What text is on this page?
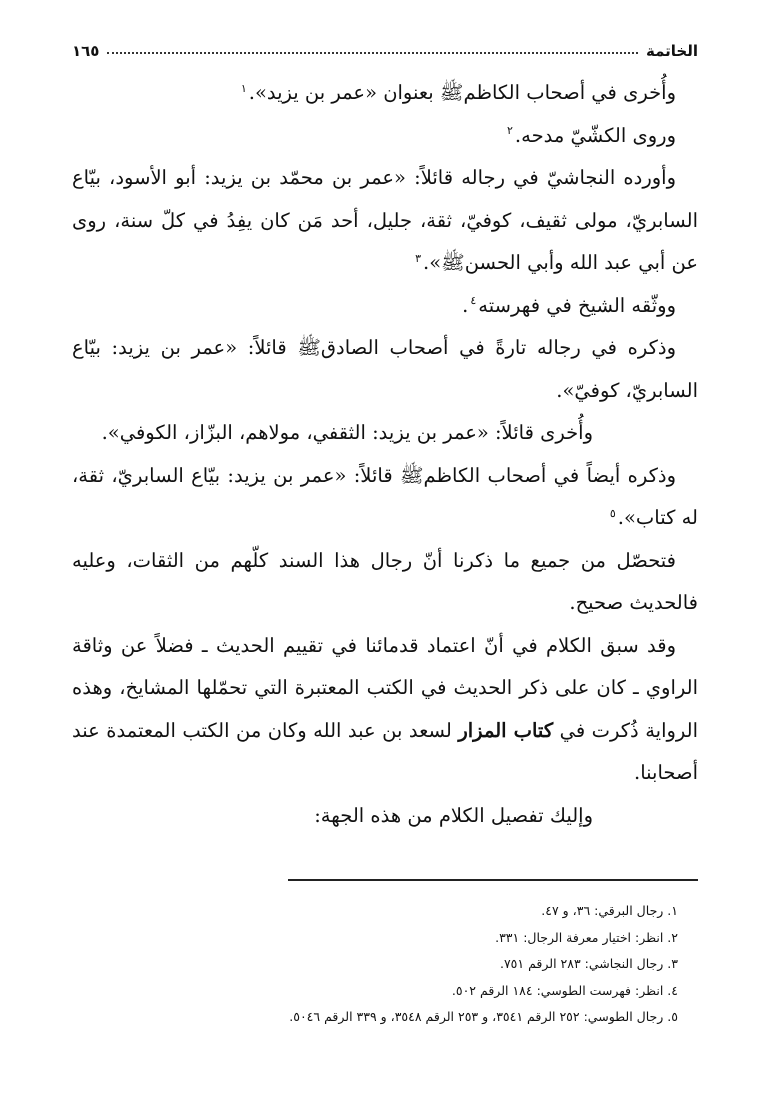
الخاتمة
١٦٥

وأُخرى في أصحاب الكاظمﷺ بعنوان «عمر بن يزيد».$^١$

وروى الكشّيّ مدحه.$^٢$

وأورده النجاشيّ في رجاله قائلاً: «عمر بن محمّد بن يزيد: أبو الأسود، بيّاع السابريّ، مولى ثقيف، كوفيّ، ثقة، جليل، أحد مَن كان يفِدُ في كلّ سنة، روى عن أبي عبد الله وأبي الحسنﷺ».$^٣$

ووثّقه الشيخ في فهرسته$^٤$.

وذكره في رجاله تارةً في أصحاب الصادقﷺ قائلاً: «عمر بن يزيد: بيّاع السابريّ، كوفيّ».

وأُخرى قائلاً: «عمر بن يزيد: الثقفي، مولاهم، البزّاز، الكوفي».

وذكره أيضاً في أصحاب الكاظمﷺ قائلاً: «عمر بن يزيد: بيّاع السابريّ، ثقة، له كتاب».$^٥$

فتحصّل من جميع ما ذكرنا أنّ رجال هذا السند كلّهم من الثقات، وعليه فالحديث صحيح.

وقد سبق الكلام في أنّ اعتماد قدمائنا في تقييم الحديث ـ فضلاً عن وثاقة الراوي ـ كان على ذكر الحديث في الكتب المعتبرة التي تحمّلها المشايخ، وهذه الرواية ذُكرت في كتاب المزار لسعد بن عبد الله وكان من الكتب المعتمدة عند أصحابنا.

وإليك تفصيل الكلام من هذه الجهة:

١. رجال البرقي: ٣٦، و ٤٧.

٢. انظر: اختيار معرفة الرجال: ٣٣١.

٣. رجال النجاشي: ٢٨٣ الرقم ٧٥١.

٤. انظر: فهرست الطوسي: ١٨٤ الرقم ٥٠٢.

٥. رجال الطوسي: ٢٥٢ الرقم ٣٥٤١، و ٢٥٣ الرقم ٣٥٤٨، و ٣٣٩ الرقم ٥٠٤٦.
